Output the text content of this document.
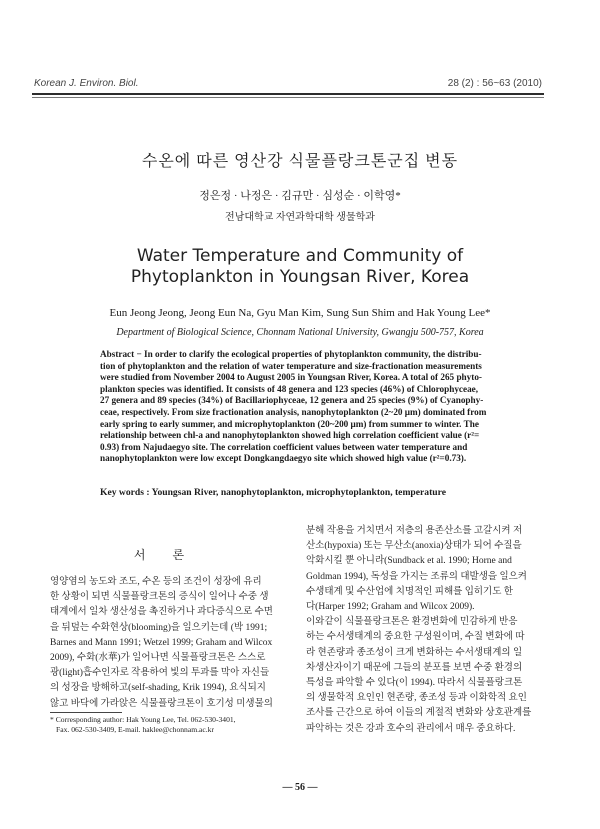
Korean J. Environ. Biol.	28 (2) : 56~63 (2010)
수온에 따른 영산강 식물플랑크톤군집 변동
정은정 · 나정은 · 김규만 · 심성순 · 이학영*
전남대학교 자연과학대학 생물학과
Water Temperature and Community of
Phytoplankton in Youngsan River, Korea
Eun Jeong Jeong, Jeong Eun Na, Gyu Man Kim, Sung Sun Shim and Hak Young Lee*
Department of Biological Science, Chonnam National University, Gwangju 500-757, Korea
Abstract − In order to clarify the ecological properties of phytoplankton community, the distribu-
tion of phytoplankton and the relation of water temperature and size-fractionation measurements
were studied from November 2004 to August 2005 in Youngsan River, Korea. A total of 265 phyto-
plankton species was identified. It consists of 48 genera and 123 species (46%) of Chlorophyceae,
27 genera and 89 species (34%) of Bacillariophyceae, 12 genera and 25 species (9%) of Cyanophy-
ceae, respectively. From size fractionation analysis, nanophytoplankton (2~20 μm) dominated from
early spring to early summer, and microphytoplankton (20~200 μm) from summer to winter. The
relationship between chl-a and nanophytoplankton showed high correlation coefficient value (r²=
0.93) from Najudaegyo site. The correlation coefficient values between water temperature and
nanophytoplankton were low except Dongkangdaegyo site which showed high value (r²=0.73).
Key words : Youngsan River, nanophytoplankton, microphytoplankton, temperature
서 론
영양염의 농도와 조도, 수온 등의 조건이 성장에 유리
한 상황이 되면 식물플랑크톤의 증식이 일어나 수중 생
태계에서 일차 생산성을 촉진하거나 과다증식으로 수면
을 뒤덮는 수화현상(blooming)을 일으키는데 (박 1991;
Barnes and Mann 1991; Wetzel 1999; Graham and Wilcox
2009), 수화(水華)가 일어나면 식물플랑크톤은 스스로
광(light)흡수인자로 작용하여 빛의 투과를 막아 자신들
의 성장을 방해하고(self-shading, Krik 1994), 요식되지
않고 바닥에 가라앉은 식물플랑크톤이 호기성 미생물의
분해 작용을 거치면서 저층의 용존산소를 고갈시켜 저
산소(hypoxia) 또는 무산소(anoxia)상태가 되어 수질을
악화시킬 뿐 아니라(Sundback et al. 1990; Horne and
Goldman 1994), 독성을 가지는 조류의 대발생을 일으켜
수생태계 및 수산업에 치명적인 피해를 입히기도 한
다(Harper 1992; Graham and Wilcox 2009).
이와같이 식물플랑크톤은 환경변화에 민감하게 반응
하는 수서생태계의 중요한 구성원이며, 수질 변화에 따
라 현존량과 종조성이 크게 변화하는 수서생태계의 일
차생산자이기 때문에 그들의 분포를 보면 수중 환경의
특성을 파악할 수 있다(이 1994). 따라서 식물플랑크톤
의 생물학적 요인인 현존량, 종조성 등과 이화학적 요인
조사를 근간으로 하여 이들의 계절적 변화와 상호관계를
파악하는 것은 강과 호수의 관리에서 매우 중요하다.
* Corresponding author: Hak Young Lee, Tel. 062-530-3401,
Fax. 062-530-3409, E-mail. haklee@chonnam.ac.kr
— 56 —
